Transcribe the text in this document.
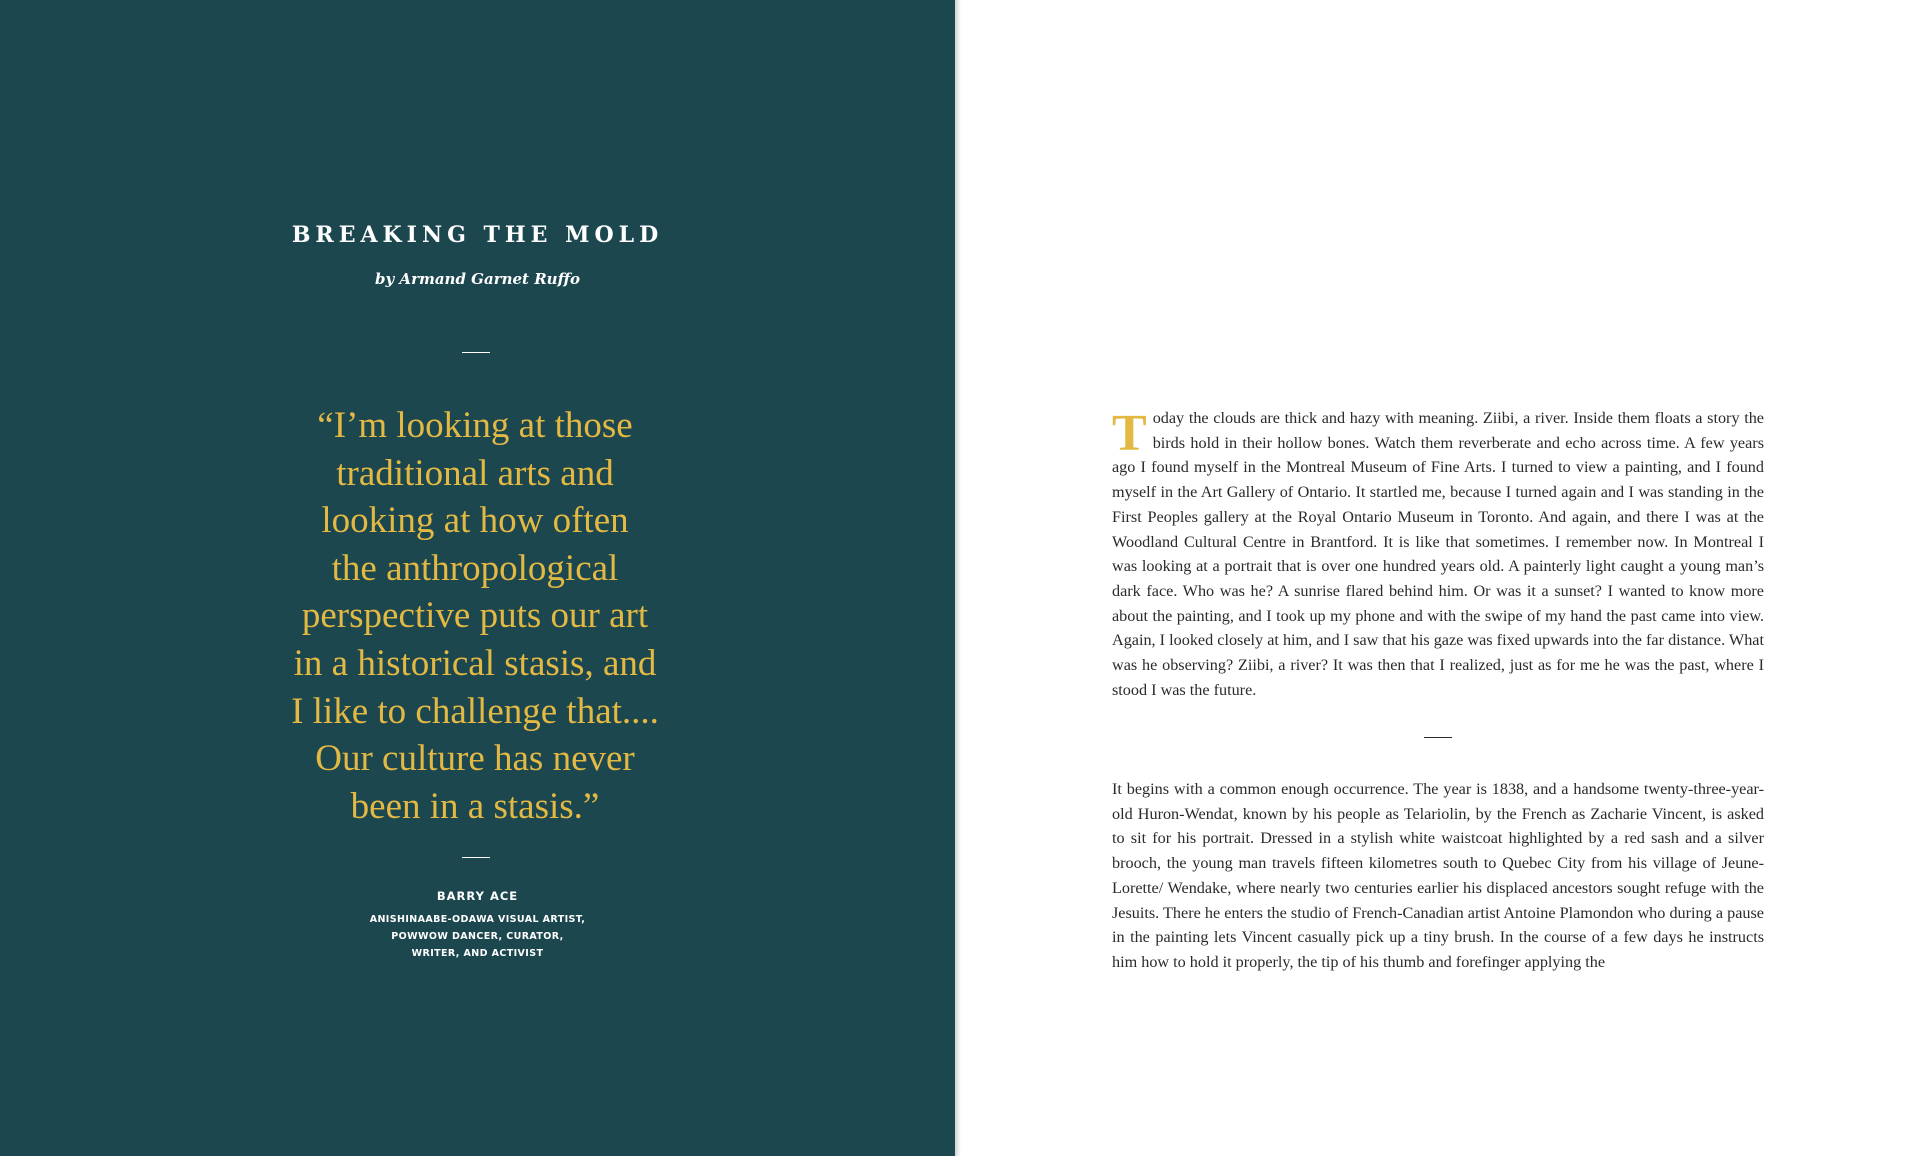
BREAKING THE MOLD
by Armand Garnet Ruffo

“I’m looking at those
traditional arts and
looking at how often
the anthropological
perspective puts our art
in a historical stasis, and
I like to challenge that....
Our culture has never
been in a stasis.”

BARRY ACE
ANISHINAABE-ODAWA VISUAL ARTIST,
POWWOW DANCER, CURATOR,
WRITER, AND ACTIVIST

Today the clouds are thick and hazy with meaning. Ziibi, a river. Inside them floats a story the birds hold in their hollow bones. Watch them reverberate and echo across time. A few years ago I found myself in the Montreal Museum of Fine Arts. I turned to view a painting, and I found myself in the Art Gallery of Ontario. It startled me, because I turned again and I was standing in the First Peoples gallery at the Royal Ontario Museum in Toronto. And again, and there I was at the Woodland Cultural Centre in Brantford. It is like that sometimes. I remember now. In Montreal I was looking at a portrait that is over one hundred years old. A painterly light caught a young man’s dark face. Who was he? A sunrise flared behind him. Or was it a sunset? I wanted to know more about the painting, and I took up my phone and with the swipe of my hand the past came into view. Again, I looked closely at him, and I saw that his gaze was fixed upwards into the far distance. What was he observing? Ziibi, a river? It was then that I realized, just as for me he was the past, where I stood I was the future.

It begins with a common enough occurrence. The year is 1838, and a handsome twenty-three-year-old Huron-Wendat, known by his people as Telariolin, by the French as Zacharie Vincent, is asked to sit for his portrait. Dressed in a stylish white waistcoat highlighted by a red sash and a silver brooch, the young man travels fifteen kilometres south to Quebec City from his village of Jeune-Lorette/ Wendake, where nearly two centuries earlier his displaced ancestors sought refuge with the Jesuits. There he enters the studio of French-Canadian artist Antoine Plamondon who during a pause in the painting lets Vincent casually pick up a tiny brush. In the course of a few days he instructs him how to hold it properly, the tip of his thumb and forefinger applying the
